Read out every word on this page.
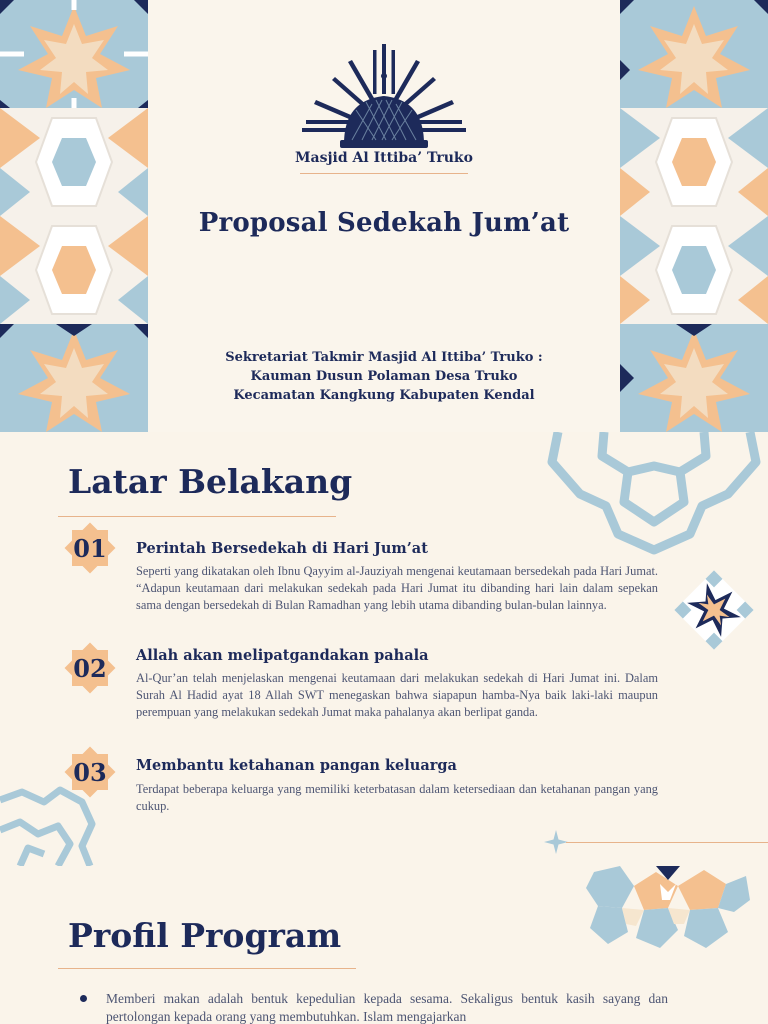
Masjid Al Ittiba’ Truko
Proposal Sedekah Jum’at
Sekretariat Takmir Masjid Al Ittiba’ Truko :
Kauman Dusun Polaman Desa Truko
Kecamatan Kangkung Kabupaten Kendal
Latar Belakang
01	Perintah Bersedekah di Hari Jum’at
Seperti yang dikatakan oleh Ibnu Qayyim al-Jauziyah mengenai keutamaan bersedekah pada Hari Jumat. “Adapun keutamaan dari melakukan sedekah pada Hari Jumat itu dibanding hari lain dalam sepekan sama dengan bersedekah di Bulan Ramadhan yang lebih utama dibanding bulan-bulan lainnya.
02	Allah akan melipatgandakan pahala
Al-Qur’an telah menjelaskan mengenai keutamaan dari melakukan sedekah di Hari Jumat ini. Dalam Surah Al Hadid ayat 18 Allah SWT menegaskan bahwa siapapun hamba-Nya baik laki-laki maupun perempuan yang melakukan sedekah Jumat maka pahalanya akan berlipat ganda.
03	Membantu ketahanan pangan keluarga
Terdapat beberapa keluarga yang memiliki keterbatasan dalam ketersediaan dan ketahanan pangan yang cukup.
Profil Program
Memberi makan adalah bentuk kepedulian kepada sesama. Sekaligus bentuk kasih sayang dan pertolongan kepada orang yang membutuhkan. Islam mengajarkan
